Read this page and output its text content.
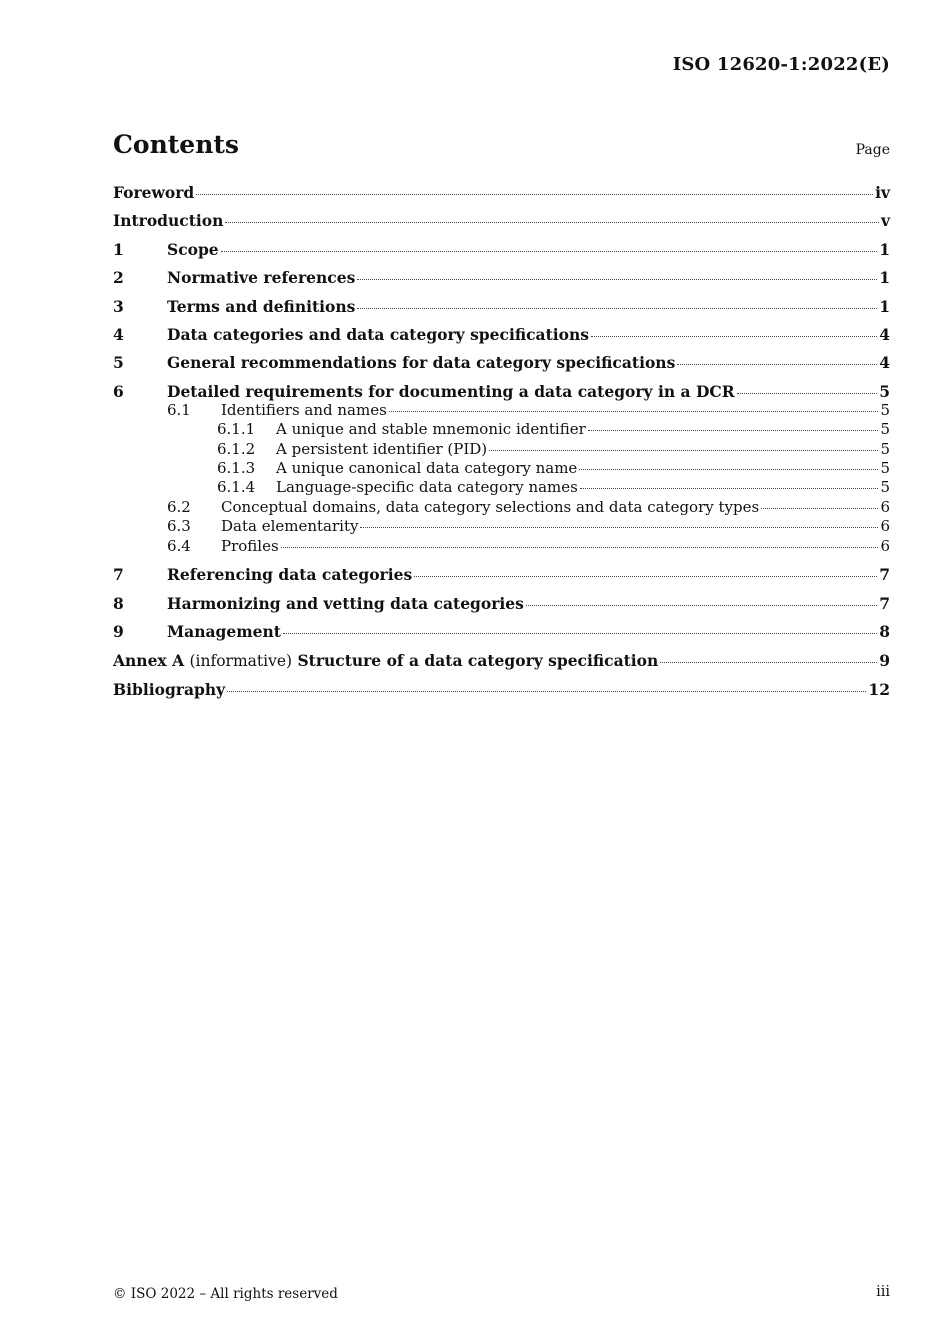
ISO 12620-1:2022(E)
Contents	Page
Foreword	iv
Introduction	v
1	Scope	1
2	Normative references	1
3	Terms and definitions	1
4	Data categories and data category specifications	4
5	General recommendations for data category specifications	4
6	Detailed requirements for documenting a data category in a DCR	5
6.1	Identifiers and names	5
6.1.1	A unique and stable mnemonic identifier	5
6.1.2	A persistent identifier (PID)	5
6.1.3	A unique canonical data category name	5
6.1.4	Language-specific data category names	5
6.2	Conceptual domains, data category selections and data category types	6
6.3	Data elementarity	6
6.4	Profiles	6
7	Referencing data categories	7
8	Harmonizing and vetting data categories	7
9	Management	8
Annex A (informative) Structure of a data category specification	9
Bibliography	12
© ISO 2022 – All rights reserved	iii
